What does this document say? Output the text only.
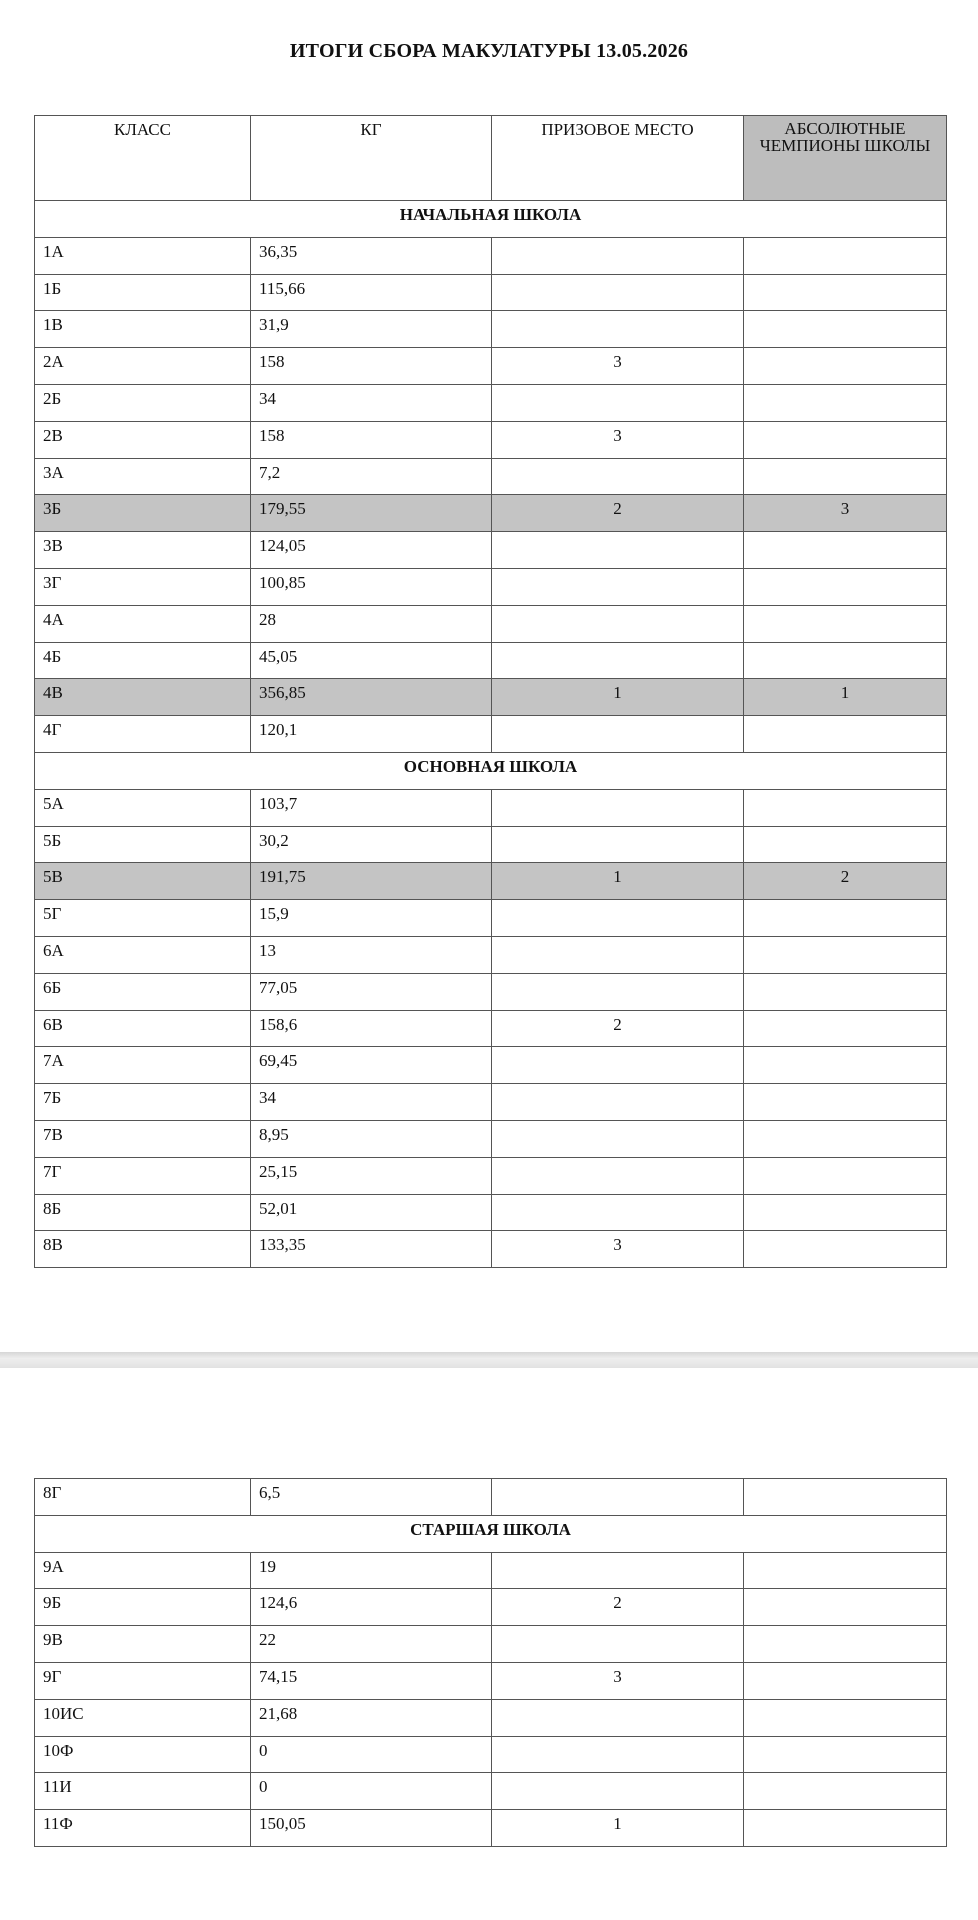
ИТОГИ СБОРА МАКУЛАТУРЫ 13.05.2026
КЛАСС	КГ	ПРИЗОВОЕ МЕСТО	АБСОЛЮТНЫЕ ЧЕМПИОНЫ ШКОЛЫ
НАЧАЛЬНАЯ ШКОЛА			
1А	36,35		
1Б	115,66		
1В	31,9		
2А	158	3	
2Б	34		
2В	158	3	
3А	7,2		
3Б	179,55	2	3
3В	124,05		
3Г	100,85		
4А	28		
4Б	45,05		
4В	356,85	1	1
4Г	120,1		
ОСНОВНАЯ ШКОЛА			
5А	103,7		
5Б	30,2		
5В	191,75	1	2
5Г	15,9		
6А	13		
6Б	77,05		
6В	158,6	2	
7А	69,45		
7Б	34		
7В	8,95		
7Г	25,15		
8Б	52,01		
8В	133,35	3	
8Г	6,5		
СТАРШАЯ ШКОЛА			
9А	19		
9Б	124,6	2	
9В	22		
9Г	74,15	3	
10ИС	21,68		
10Ф	0		
11И	0		
11Ф	150,05	1	
